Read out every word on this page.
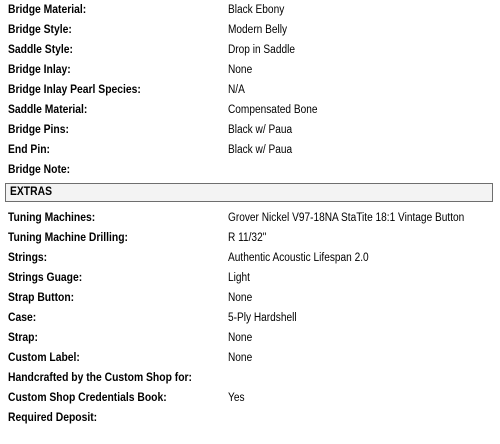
Bridge Material:	Black Ebony
Bridge Style:	Modern Belly
Saddle Style:	Drop in Saddle
Bridge Inlay:	None
Bridge Inlay Pearl Species:	N/A
Saddle Material:	Compensated Bone
Bridge Pins:	Black w/ Paua
End Pin:	Black w/ Paua
Bridge Note:
EXTRAS
Tuning Machines:	Grover Nickel V97-18NA StaTite 18:1 Vintage Button
Tuning Machine Drilling:	R 11/32"
Strings:	Authentic Acoustic Lifespan 2.0
Strings Guage:	Light
Strap Button:	None
Case:	5-Ply Hardshell
Strap:	None
Custom Label:	None
Handcrafted by the Custom Shop for:
Custom Shop Credentials Book:	Yes
Required Deposit:
